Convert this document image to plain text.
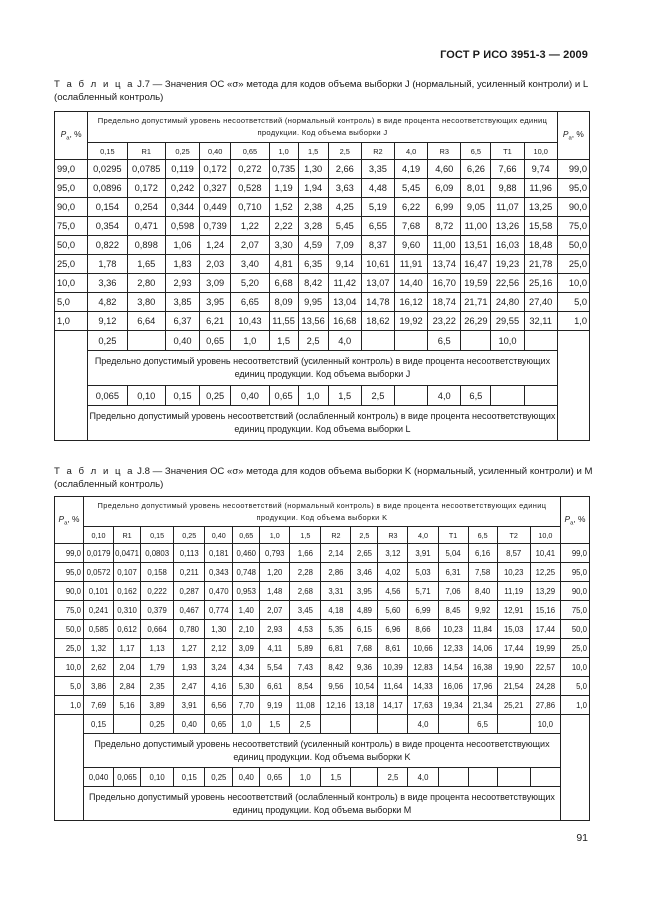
ГОСТ Р ИСО 3951-3 — 2009
Т а б л и ц а J.7 — Значения ОС «σ» метода для кодов объема выборки J (нормальный, усиленный контроли) и L (ослабленный контроль)
$P_a$, %	Предельно допустимый уровень несоответствий (нормальный контроль) в виде процента несоответствующих единиц продукции. Код объема выборки J														$P_a$, %
	0,15	R1	0,25	0,40	0,65	1,0	1,5	2,5	R2	4,0	R3	6,5	T1	10,0	
99,0	0,0295	0,0785	0,119	0,172	0,272	0,735	1,30	2,66	3,35	4,19	4,60	6,26	7,66	9,74	99,0
95,0	0,0896	0,172	0,242	0,327	0,528	1,19	1,94	3,63	4,48	5,45	6,09	8,01	9,88	11,96	95,0
90,0	0,154	0,254	0,344	0,449	0,710	1,52	2,38	4,25	5,19	6,22	6,99	9,05	11,07	13,25	90,0
75,0	0,354	0,471	0,598	0,739	1,22	2,22	3,28	5,45	6,55	7,68	8,72	11,00	13,26	15,58	75,0
50,0	0,822	0,898	1,06	1,24	2,07	3,30	4,59	7,09	8,37	9,60	11,00	13,51	16,03	18,48	50,0
25,0	1,78	1,65	1,83	2,03	3,40	4,81	6,35	9,14	10,61	11,91	13,74	16,47	19,23	21,78	25,0
10,0	3,36	2,80	2,93	3,09	5,20	6,68	8,42	11,42	13,07	14,40	16,70	19,59	22,56	25,16	10,0
5,0	4,82	3,80	3,85	3,95	6,65	8,09	9,95	13,04	14,78	16,12	18,74	21,71	24,80	27,40	5,0
1,0	9,12	6,64	6,37	6,21	10,43	11,55	13,56	16,68	18,62	19,92	23,22	26,29	29,55	32,11	1,0
	0,25		0,40	0,65	1,0	1,5	2,5	4,0			6,5		10,0		
	Предельно допустимый уровень несоответствий (усиленный контроль) в виде процента несоответствующих единиц продукции. Код объема выборки J														
	0,065	0,10	0,15	0,25	0,40	0,65	1,0	1,5	2,5		4,0	6,5			
	Предельно допустимый уровень несоответствий (ослабленный контроль) в виде процента несоответствующих единиц продукции. Код объема выборки L														
Т а б л и ц а J.8 — Значения ОС «σ» метода для кодов объема выборки K (нормальный, усиленный контроли) и M (ослабленный контроль)
$P_a$, %	Предельно допустимый уровень несоответствий (нормальный контроль) в виде процента несоответствующих единиц продукции. Код объема выборки K																$P_a$, %
	0,10	R1	0,15	0,25	0,40	0,65	1,0	1,5	R2	2,5	R3	4,0	T1	6,5	T2	10,0	
99,0	0,0179	0,0471	0,0803	0,113	0,181	0,460	0,793	1,66	2,14	2,65	3,12	3,91	5,04	6,16	8,57	10,41	99,0
95,0	0,0572	0,107	0,158	0,211	0,343	0,748	1,20	2,28	2,86	3,46	4,02	5,03	6,31	7,58	10,23	12,25	95,0
90,0	0,101	0,162	0,222	0,287	0,470	0,953	1,48	2,68	3,31	3,95	4,56	5,71	7,06	8,40	11,19	13,29	90,0
75,0	0,241	0,310	0,379	0,467	0,774	1,40	2,07	3,45	4,18	4,89	5,60	6,99	8,45	9,92	12,91	15,16	75,0
50,0	0,585	0,612	0,664	0,780	1,30	2,10	2,93	4,53	5,35	6,15	6,96	8,66	10,23	11,84	15,03	17,44	50,0
25,0	1,32	1,17	1,13	1,27	2,12	3,09	4,11	5,89	6,81	7,68	8,61	10,66	12,33	14,06	17,44	19,99	25,0
10,0	2,62	2,04	1,79	1,93	3,24	4,34	5,54	7,43	8,42	9,36	10,39	12,83	14,54	16,38	19,90	22,57	10,0
5,0	3,86	2,84	2,35	2,47	4,16	5,30	6,61	8,54	9,56	10,54	11,64	14,33	16,06	17,96	21,54	24,28	5,0
1,0	7,69	5,16	3,89	3,91	6,56	7,70	9,19	11,08	12,16	13,18	14,17	17,63	19,34	21,34	25,21	27,86	1,0
	0,15		0,25	0,40	0,65	1,0	1,5	2,5				4,0		6,5		10,0	
	Предельно допустимый уровень несоответствий (усиленный контроль) в виде процента несоответствующих единиц продукции. Код объема выборки K																
	0,040	0,065	0,10	0,15	0,25	0,40	0,65	1,0	1,5		2,5	4,0					
	Предельно допустимый уровень несоответствий (ослабленный контроль) в виде процента несоответствующих единиц продукции. Код объема выборки M																
91
